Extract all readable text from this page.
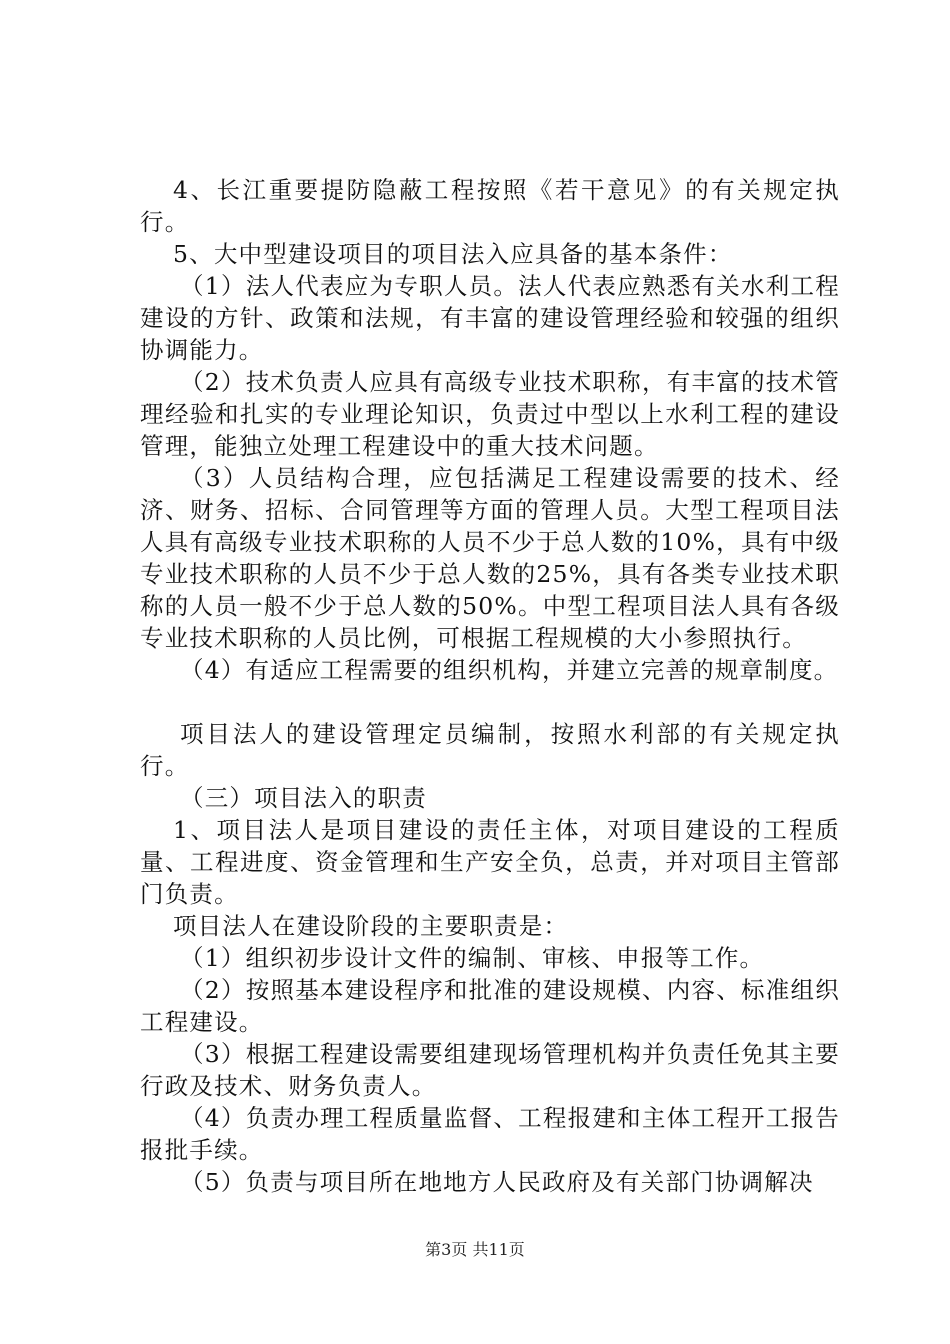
4、长江重要提防隐蔽工程按照《若干意见》的有关规定执行。

5、大中型建设项目的项目法入应具备的基本条件：

（1）法人代表应为专职人员。法人代表应熟悉有关水利工程建设的方针、政策和法规，有丰富的建设管理经验和较强的组织协调能力。

（2）技术负责人应具有高级专业技术职称，有丰富的技术管理经验和扎实的专业理论知识，负责过中型以上水利工程的建设管理，能独立处理工程建设中的重大技术问题。

（3）人员结构合理，应包括满足工程建设需要的技术、经济、财务、招标、合同管理等方面的管理人员。大型工程项目法人具有高级专业技术职称的人员不少于总人数的10%，具有中级专业技术职称的人员不少于总人数的25%，具有各类专业技术职称的人员一般不少于总人数的50%。中型工程项目法人具有各级专业技术职称的人员比例，可根据工程规模的大小参照执行。

（4）有适应工程需要的组织机构，并建立完善的规章制度。

项目法人的建设管理定员编制，按照水利部的有关规定执行。

（三）项目法入的职责

1、项目法人是项目建设的责任主体，对项目建设的工程质量、工程进度、资金管理和生产安全负，总责，并对项目主管部门负责。

项目法人在建设阶段的主要职责是：

（1）组织初步设计文件的编制、审核、申报等工作。

（2）按照基本建设程序和批准的建设规模、内容、标准组织工程建设。

（3）根据工程建设需要组建现场管理机构并负责任免其主要行政及技术、财务负责人。

（4）负责办理工程质量监督、工程报建和主体工程开工报告报批手续。

（5）负责与项目所在地地方人民政府及有关部门协调解决

第3页 共11页
